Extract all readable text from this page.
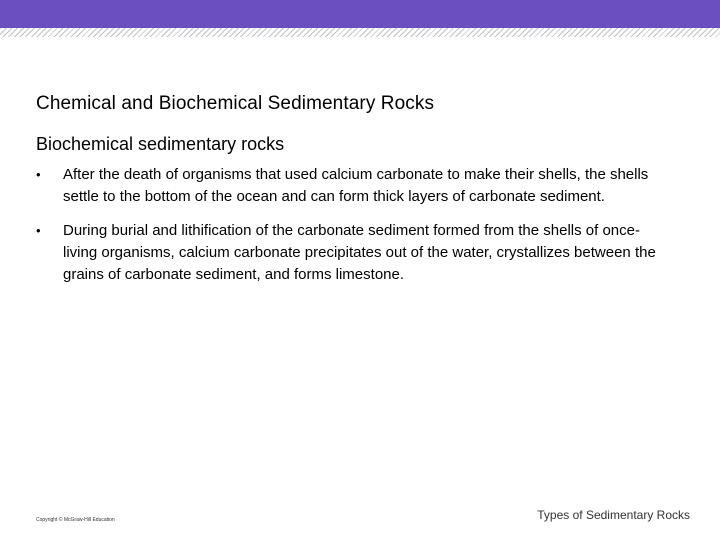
Chemical and Biochemical Sedimentary Rocks
Biochemical sedimentary rocks
•	After the death of organisms that used calcium carbonate to make their shells, the shells settle to the bottom of the ocean and can form thick layers of carbonate sediment.
•	During burial and lithification of the carbonate sediment formed from the shells of once-living organisms, calcium carbonate precipitates out of the water, crystallizes between the grains of carbonate sediment, and forms limestone.
Copyright © McGraw-Hill Education	Types of Sedimentary Rocks
